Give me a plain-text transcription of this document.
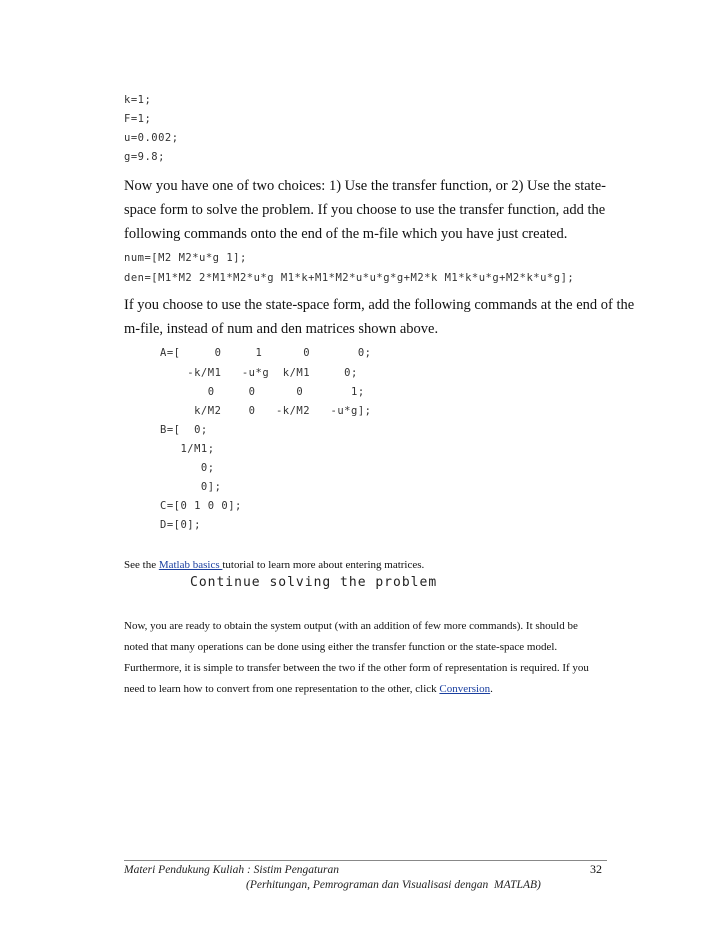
k=1;
F=1;
u=0.002;
g=9.8;
Now you have one of two choices: 1) Use the transfer function, or 2) Use the state-
space form to solve the problem. If you choose to use the transfer function, add the
following commands onto the end of the m-file which you have just created.
num=[M2 M2*u*g 1];
den=[M1*M2 2*M1*M2*u*g M1*k+M1*M2*u*u*g*g+M2*k M1*k*u*g+M2*k*u*g];
If you choose to use the state-space form, add the following commands at the end of the
m-file, instead of num and den matrices shown above.
A=[     0     1      0       0;
-k/M1   -u*g  k/M1     0;
0     0      0       1;
k/M2    0   -k/M2   -u*g];
B=[  0;
1/M1;
0;
0];
C=[0 1 0 0];
D=[0];
See the Matlab basics tutorial to learn more about entering matrices.
Continue solving the problem
Now, you are ready to obtain the system output (with an addition of few more commands). It should be
noted that many operations can be done using either the transfer function or the state-space model.
Furthermore, it is simple to transfer between the two if the other form of representation is required. If you
need to learn how to convert from one representation to the other, click Conversion.
Materi Pendukung Kuliah : Sistim Pengaturan
(Perhitungan, Pemrograman dan Visualisasi dengan  MATLAB)
32
